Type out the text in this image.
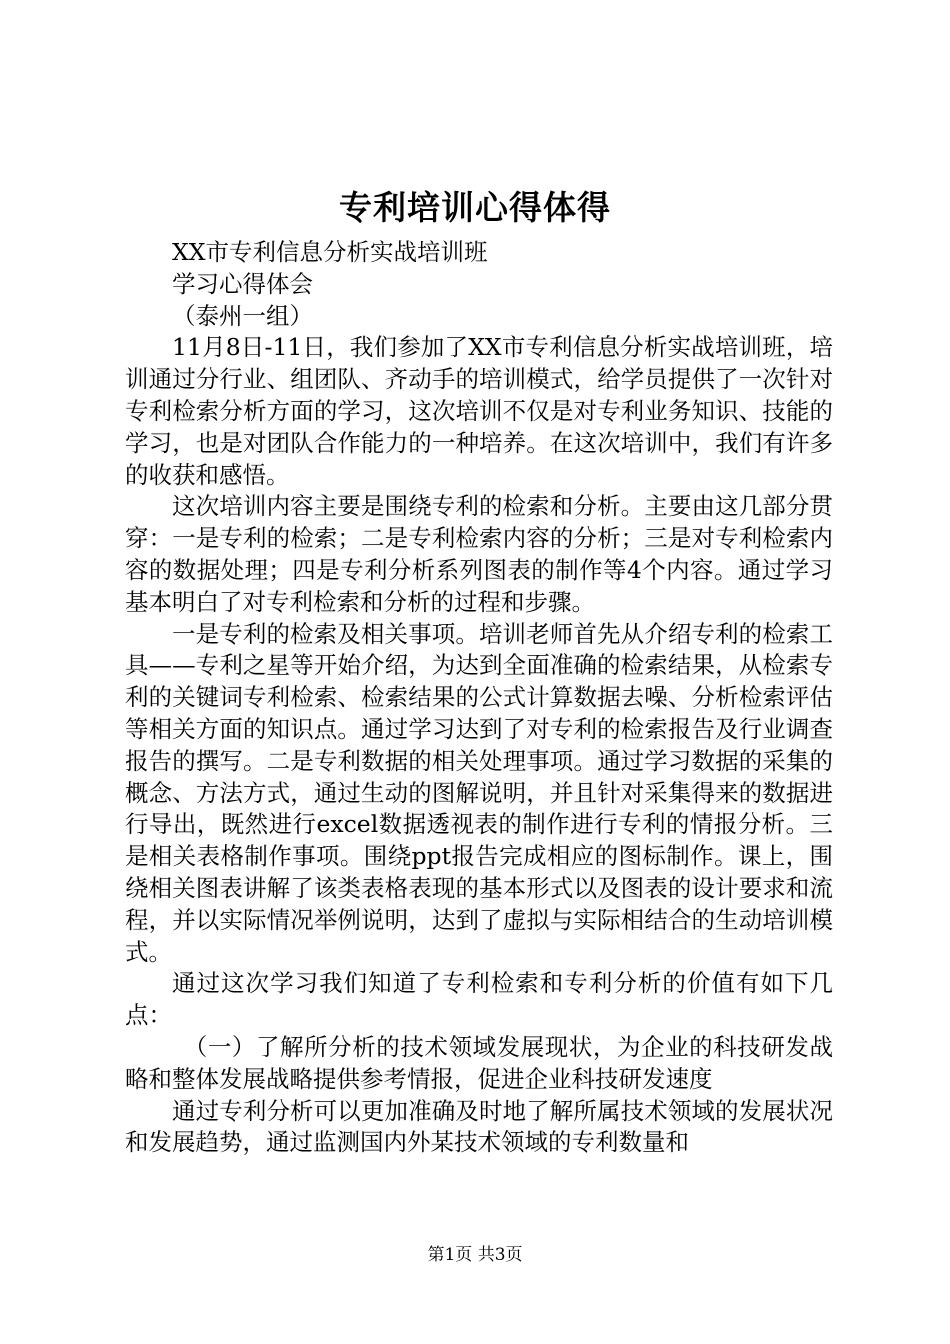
专利培训心得体得

XX市专利信息分析实战培训班

学习心得体会

（泰州一组）

11月8日-11日，我们参加了XX市专利信息分析实战培训班，培训通过分行业、组团队、齐动手的培训模式，给学员提供了一次针对专利检索分析方面的学习，这次培训不仅是对专利业务知识、技能的学习，也是对团队合作能力的一种培养。在这次培训中，我们有许多的收获和感悟。

这次培训内容主要是围绕专利的检索和分析。主要由这几部分贯穿：一是专利的检索；二是专利检索内容的分析；三是对专利检索内容的数据处理；四是专利分析系列图表的制作等4个内容。通过学习基本明白了对专利检索和分析的过程和步骤。

一是专利的检索及相关事项。培训老师首先从介绍专利的检索工具——专利之星等开始介绍，为达到全面准确的检索结果，从检索专利的关键词专利检索、检索结果的公式计算数据去噪、分析检索评估等相关方面的知识点。通过学习达到了对专利的检索报告及行业调查报告的撰写。二是专利数据的相关处理事项。通过学习数据的采集的概念、方法方式，通过生动的图解说明，并且针对采集得来的数据进行导出，既然进行excel数据透视表的制作进行专利的情报分析。三是相关表格制作事项。围绕ppt报告完成相应的图标制作。课上，围绕相关图表讲解了该类表格表现的基本形式以及图表的设计要求和流程，并以实际情况举例说明，达到了虚拟与实际相结合的生动培训模式。

通过这次学习我们知道了专利检索和专利分析的价值有如下几点：

（一）了解所分析的技术领域发展现状，为企业的科技研发战略和整体发展战略提供参考情报，促进企业科技研发速度

通过专利分析可以更加准确及时地了解所属技术领域的发展状况和发展趋势，通过监测国内外某技术领域的专利数量和

第1页 共3页
